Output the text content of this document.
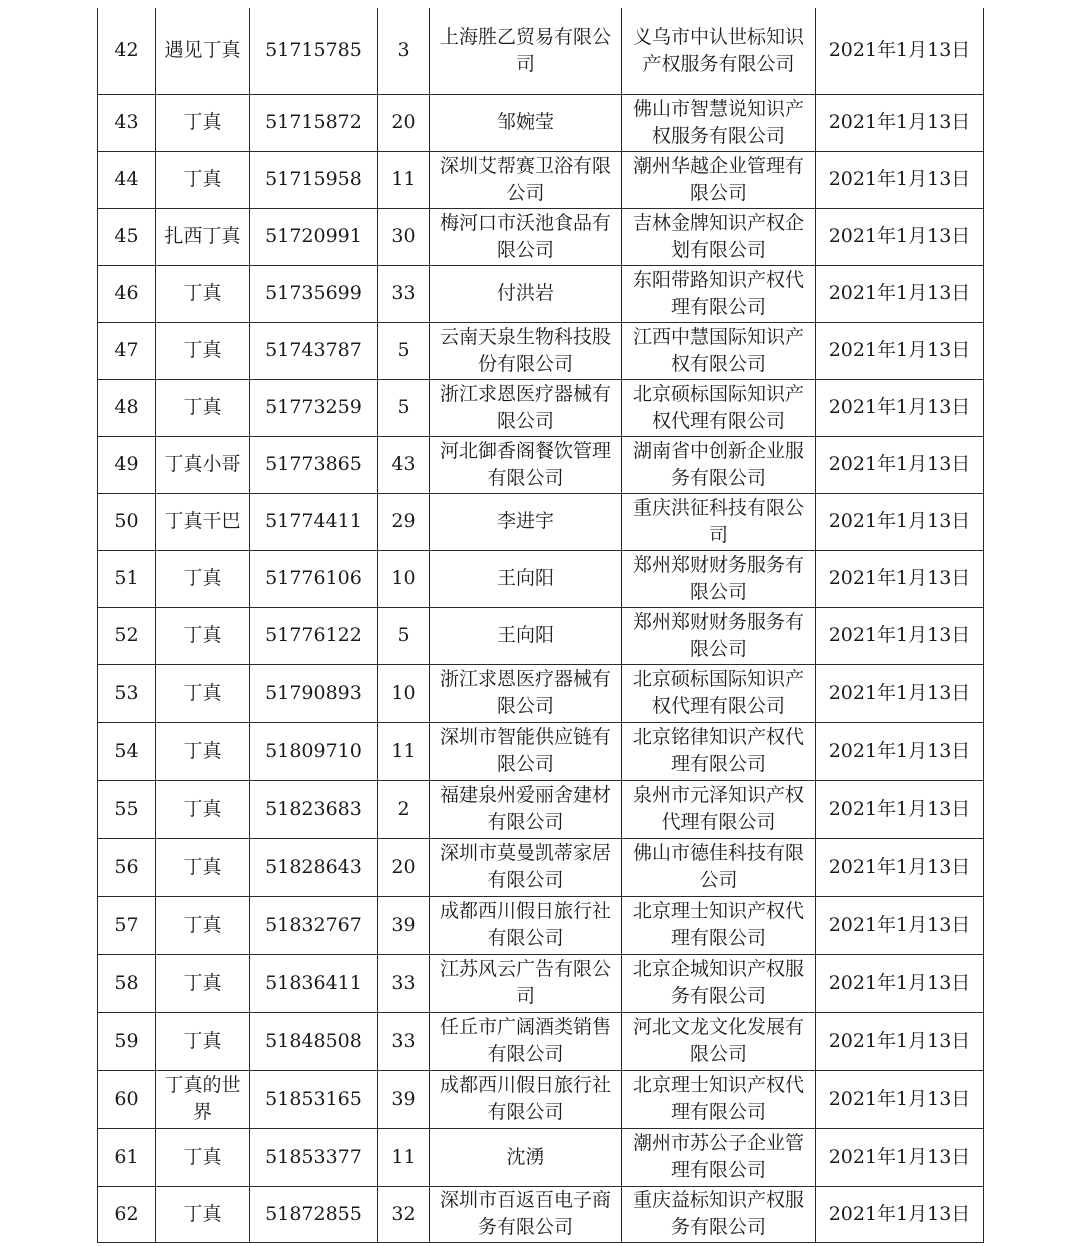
42	遇见丁真	51715785	3	上海胜乙贸易有限公司	义乌市中认世标知识产权服务有限公司	2021年1月13日
43	丁真	51715872	20	邹婉莹	佛山市智慧说知识产权服务有限公司	2021年1月13日
44	丁真	51715958	11	深圳艾帮赛卫浴有限公司	潮州华越企业管理有限公司	2021年1月13日
45	扎西丁真	51720991	30	梅河口市沃池食品有限公司	吉林金牌知识产权企划有限公司	2021年1月13日
46	丁真	51735699	33	付洪岩	东阳带路知识产权代理有限公司	2021年1月13日
47	丁真	51743787	5	云南天泉生物科技股份有限公司	江西中慧国际知识产权有限公司	2021年1月13日
48	丁真	51773259	5	浙江求恩医疗器械有限公司	北京硕标国际知识产权代理有限公司	2021年1月13日
49	丁真小哥	51773865	43	河北御香阁餐饮管理有限公司	湖南省中创新企业服务有限公司	2021年1月13日
50	丁真干巴	51774411	29	李进宇	重庆洪征科技有限公司	2021年1月13日
51	丁真	51776106	10	王向阳	郑州郑财财务服务有限公司	2021年1月13日
52	丁真	51776122	5	王向阳	郑州郑财财务服务有限公司	2021年1月13日
53	丁真	51790893	10	浙江求恩医疗器械有限公司	北京硕标国际知识产权代理有限公司	2021年1月13日
54	丁真	51809710	11	深圳市智能供应链有限公司	北京铭律知识产权代理有限公司	2021年1月13日
55	丁真	51823683	2	福建泉州爱丽舍建材有限公司	泉州市元泽知识产权代理有限公司	2021年1月13日
56	丁真	51828643	20	深圳市莫曼凯蒂家居有限公司	佛山市德佳科技有限公司	2021年1月13日
57	丁真	51832767	39	成都西川假日旅行社有限公司	北京理士知识产权代理有限公司	2021年1月13日
58	丁真	51836411	33	江苏风云广告有限公司	北京企城知识产权服务有限公司	2021年1月13日
59	丁真	51848508	33	任丘市广阔酒类销售有限公司	河北文龙文化发展有限公司	2021年1月13日
60	丁真的世界	51853165	39	成都西川假日旅行社有限公司	北京理士知识产权代理有限公司	2021年1月13日
61	丁真	51853377	11	沈湧	潮州市苏公子企业管理有限公司	2021年1月13日
62	丁真	51872855	32	深圳市百返百电子商务有限公司	重庆益标知识产权服务有限公司	2021年1月13日
